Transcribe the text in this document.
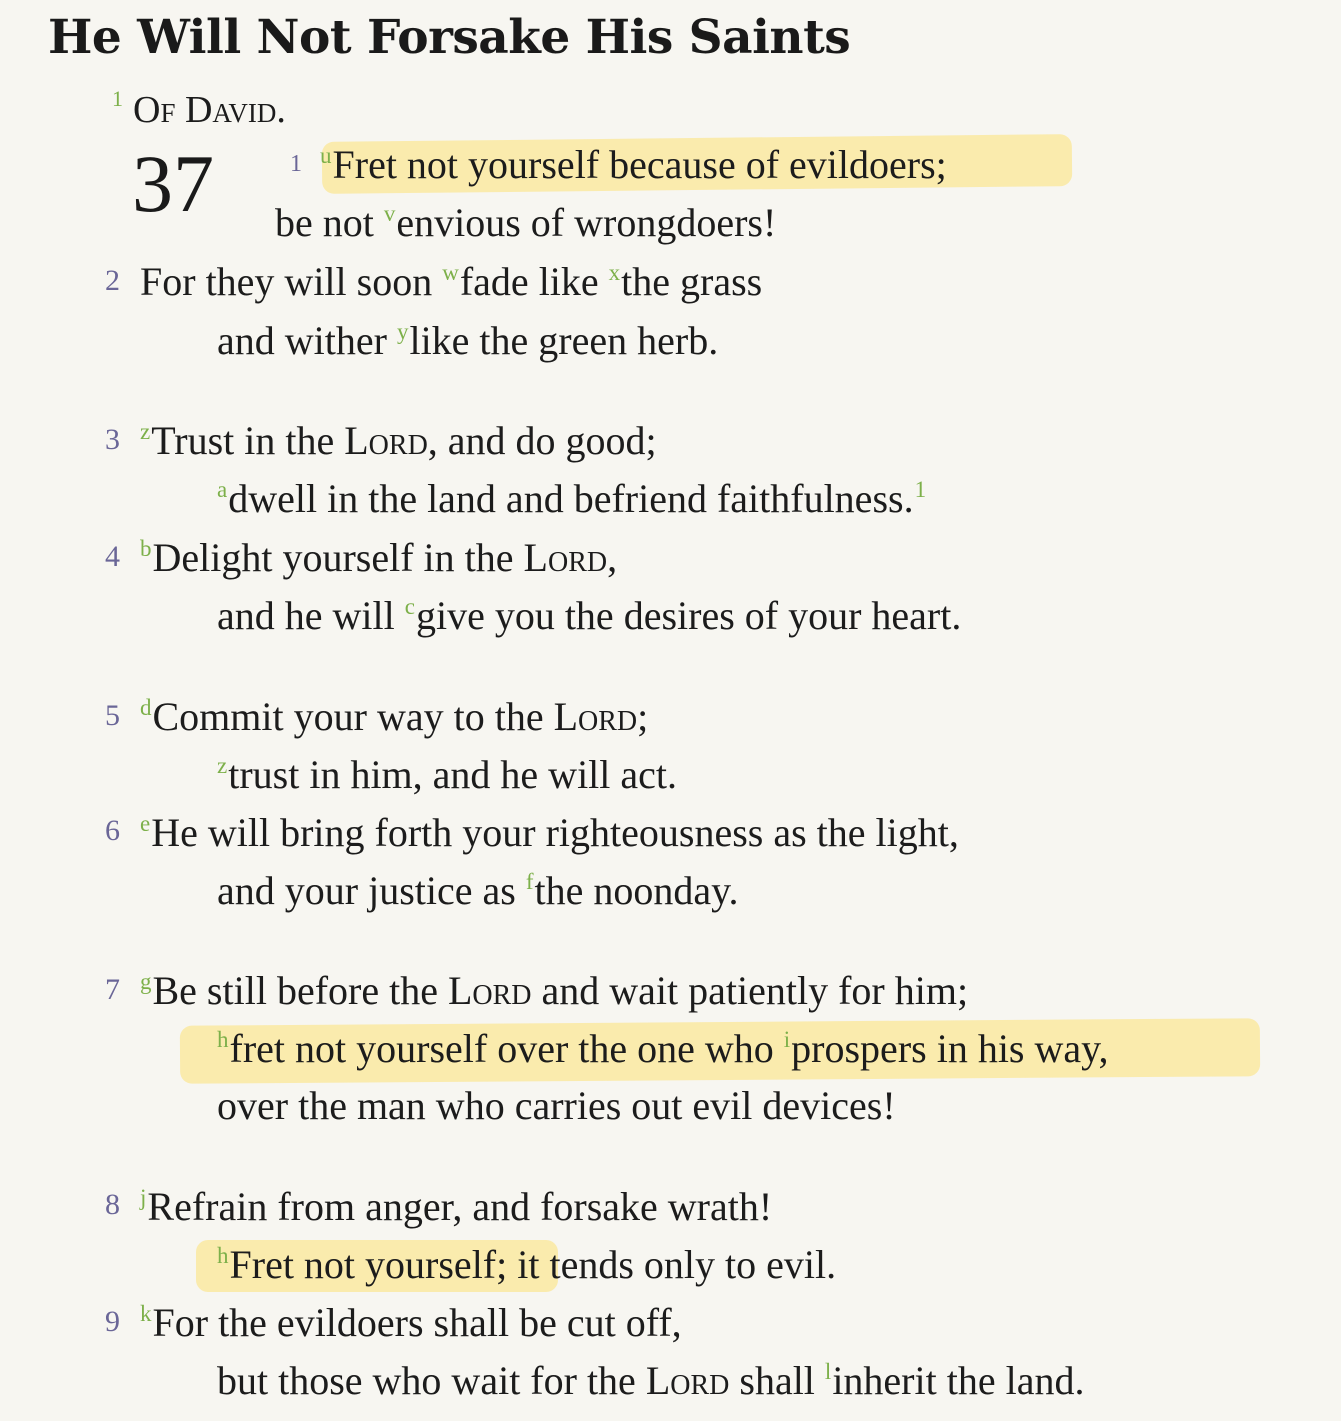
He Will Not Forsake His Saints
$^1$ Of David.
37	1 $^u$Fret not yourself because of evildoers;
be not $^v$envious of wrongdoers!
2 For they will soon $^w$fade like $^x$the grass
and wither $^y$like the green herb.
3 $^z$Trust in the Lord, and do good;
$^a$dwell in the land and befriend faithfulness.$^1$
4 $^b$Delight yourself in the Lord,
and he will $^c$give you the desires of your heart.
5 $^d$Commit your way to the Lord;
$^z$trust in him, and he will act.
6 $^e$He will bring forth your righteousness as the light,
and your justice as $^f$the noonday.
7 $^g$Be still before the Lord and wait patiently for him;
$^h$fret not yourself over the one who $^i$prospers in his way,
over the man who carries out evil devices!
8 $^j$Refrain from anger, and forsake wrath!
$^h$Fret not yourself; it tends only to evil.
9 $^k$For the evildoers shall be cut off,
but those who wait for the Lord shall $^l$inherit the land.
